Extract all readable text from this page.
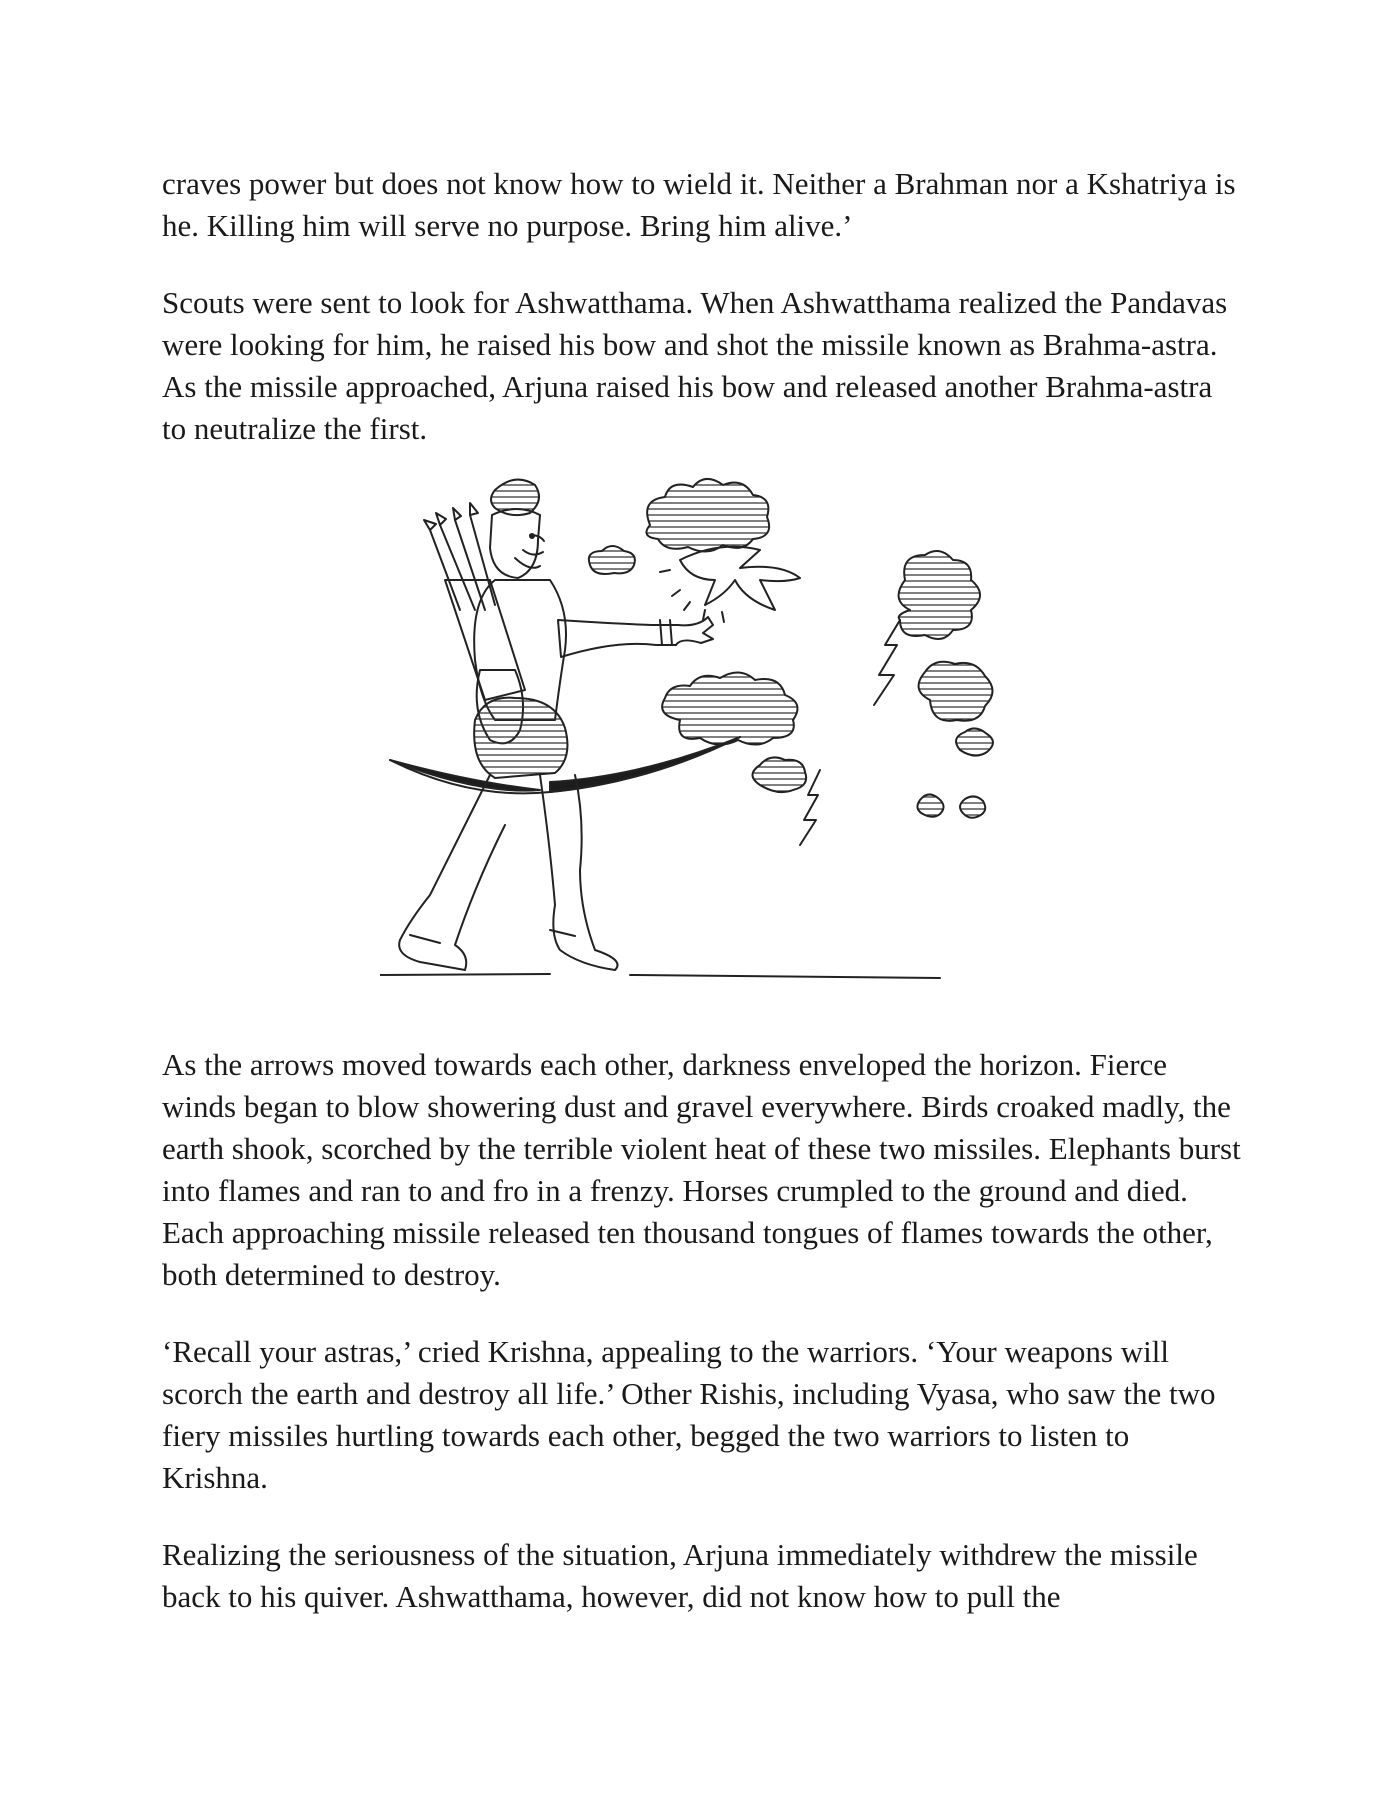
craves power but does not know how to wield it. Neither a Brahman nor a Kshatriya is he. Killing him will serve no purpose. Bring him alive.’

Scouts were sent to look for Ashwatthama. When Ashwatthama realized the Pandavas were looking for him, he raised his bow and shot the missile known as Brahma-astra. As the missile approached, Arjuna raised his bow and released another Brahma-astra to neutralize the first.

As the arrows moved towards each other, darkness enveloped the horizon. Fierce winds began to blow showering dust and gravel everywhere. Birds croaked madly, the earth shook, scorched by the terrible violent heat of these two missiles. Elephants burst into flames and ran to and fro in a frenzy. Horses crumpled to the ground and died. Each approaching missile released ten thousand tongues of flames towards the other, both determined to destroy.

‘Recall your astras,’ cried Krishna, appealing to the warriors. ‘Your weapons will scorch the earth and destroy all life.’ Other Rishis, including Vyasa, who saw the two fiery missiles hurtling towards each other, begged the two warriors to listen to Krishna.

Realizing the seriousness of the situation, Arjuna immediately withdrew the missile back to his quiver. Ashwatthama, however, did not know how to pull the
